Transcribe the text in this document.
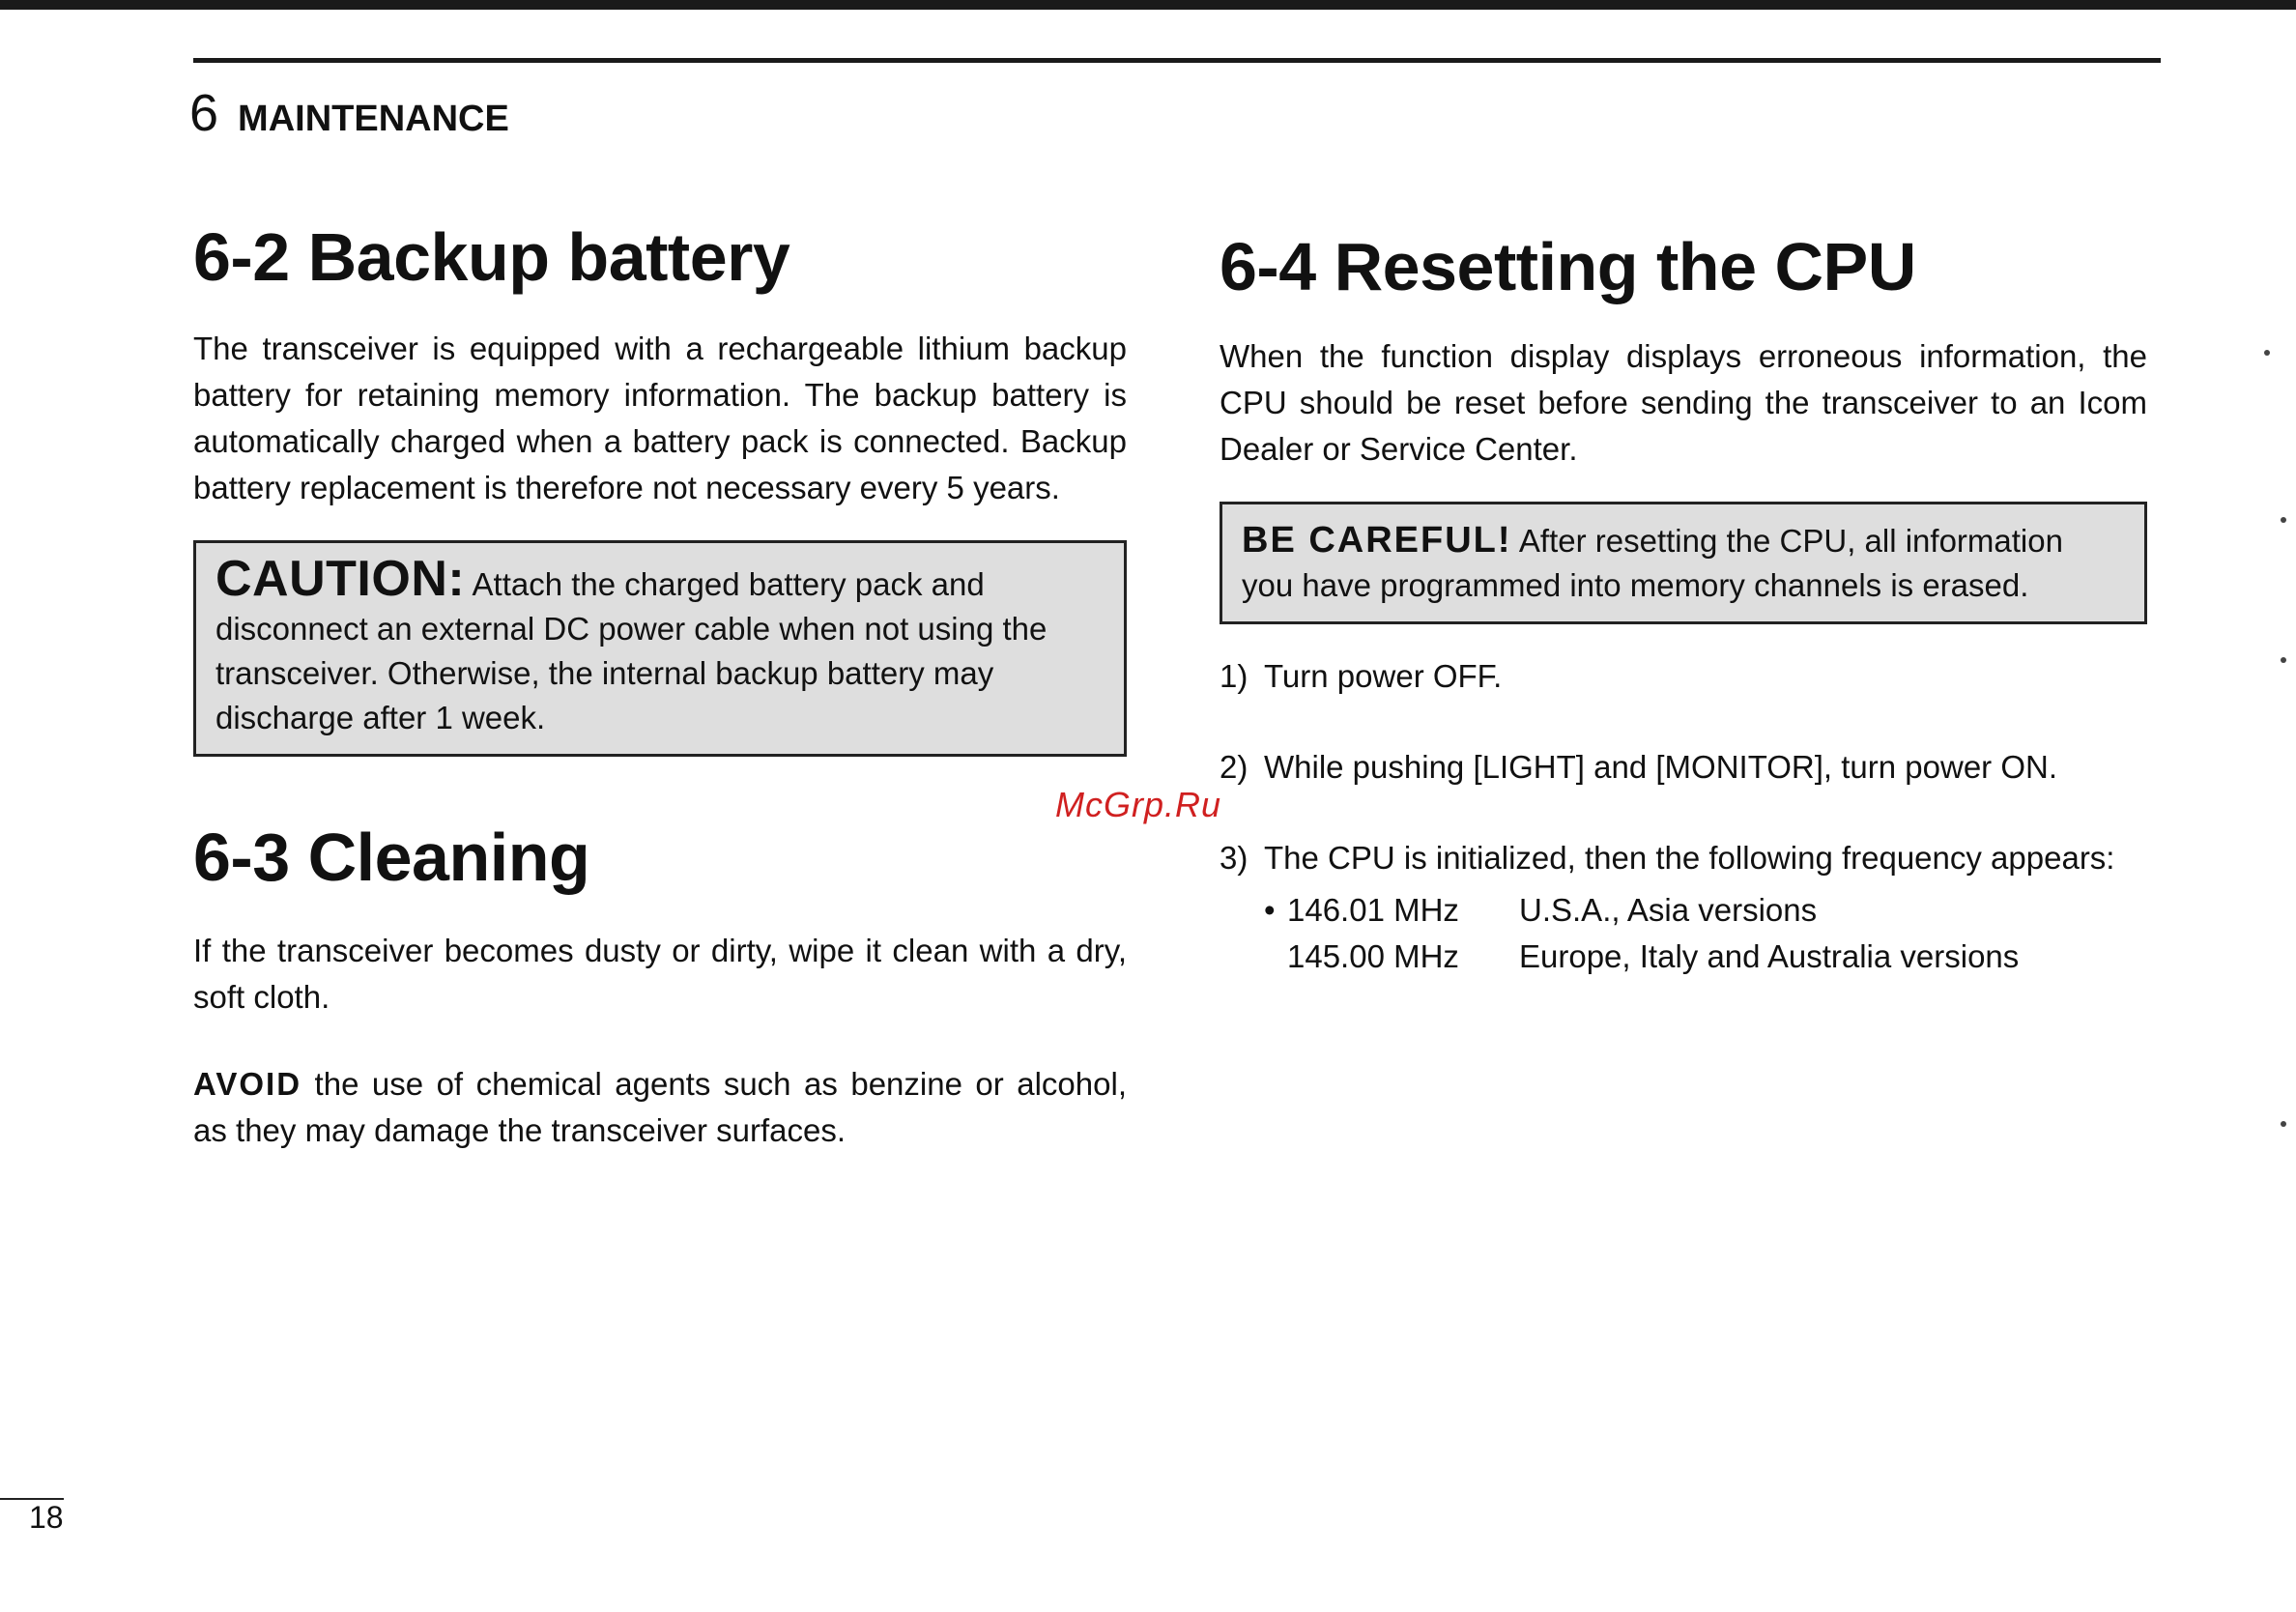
6 MAINTENANCE
6-2 Backup battery

The transceiver is equipped with a rechargeable lithium backup battery for retaining memory information. The backup battery is automatically charged when a battery pack is connected. Backup battery replacement is therefore not necessary every 5 years.

CAUTION: Attach the charged battery pack and disconnect an external DC power cable when not using the transceiver. Otherwise, the internal backup battery may discharge after 1 week.
6-3 Cleaning

If the transceiver becomes dusty or dirty, wipe it clean with a dry, soft cloth.

AVOID the use of chemical agents such as benzine or alcohol, as they may damage the transceiver surfaces.

6-4 Resetting the CPU

When the function display displays erroneous information, the CPU should be reset before sending the transceiver to an Icom Dealer or Service Center.

BE CAREFUL! After resetting the CPU, all information you have programmed into memory channels is erased.
1) Turn power OFF.
2) While pushing [LIGHT] and [MONITOR], turn power ON.
3) The CPU is initialized, then the following frequency appears:
• 146.01 MHz	U.S.A., Asia versions
145.00 MHz	Europe, Italy and Australia versions
McGrp.Ru
18
